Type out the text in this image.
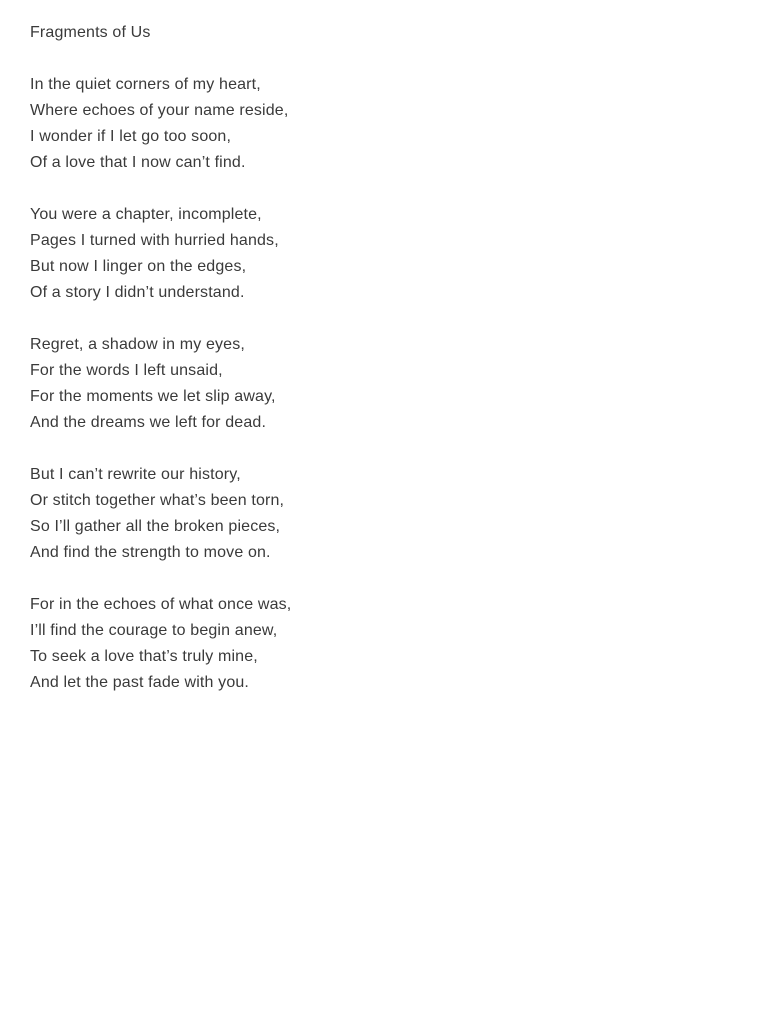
Fragments of Us
In the quiet corners of my heart,
Where echoes of your name reside,
I wonder if I let go too soon,
Of a love that I now can’t find.
You were a chapter, incomplete,
Pages I turned with hurried hands,
But now I linger on the edges,
Of a story I didn’t understand.
Regret, a shadow in my eyes,
For the words I left unsaid,
For the moments we let slip away,
And the dreams we left for dead.
But I can’t rewrite our history,
Or stitch together what’s been torn,
So I’ll gather all the broken pieces,
And find the strength to move on.
For in the echoes of what once was,
I’ll find the courage to begin anew,
To seek a love that’s truly mine,
And let the past fade with you.
